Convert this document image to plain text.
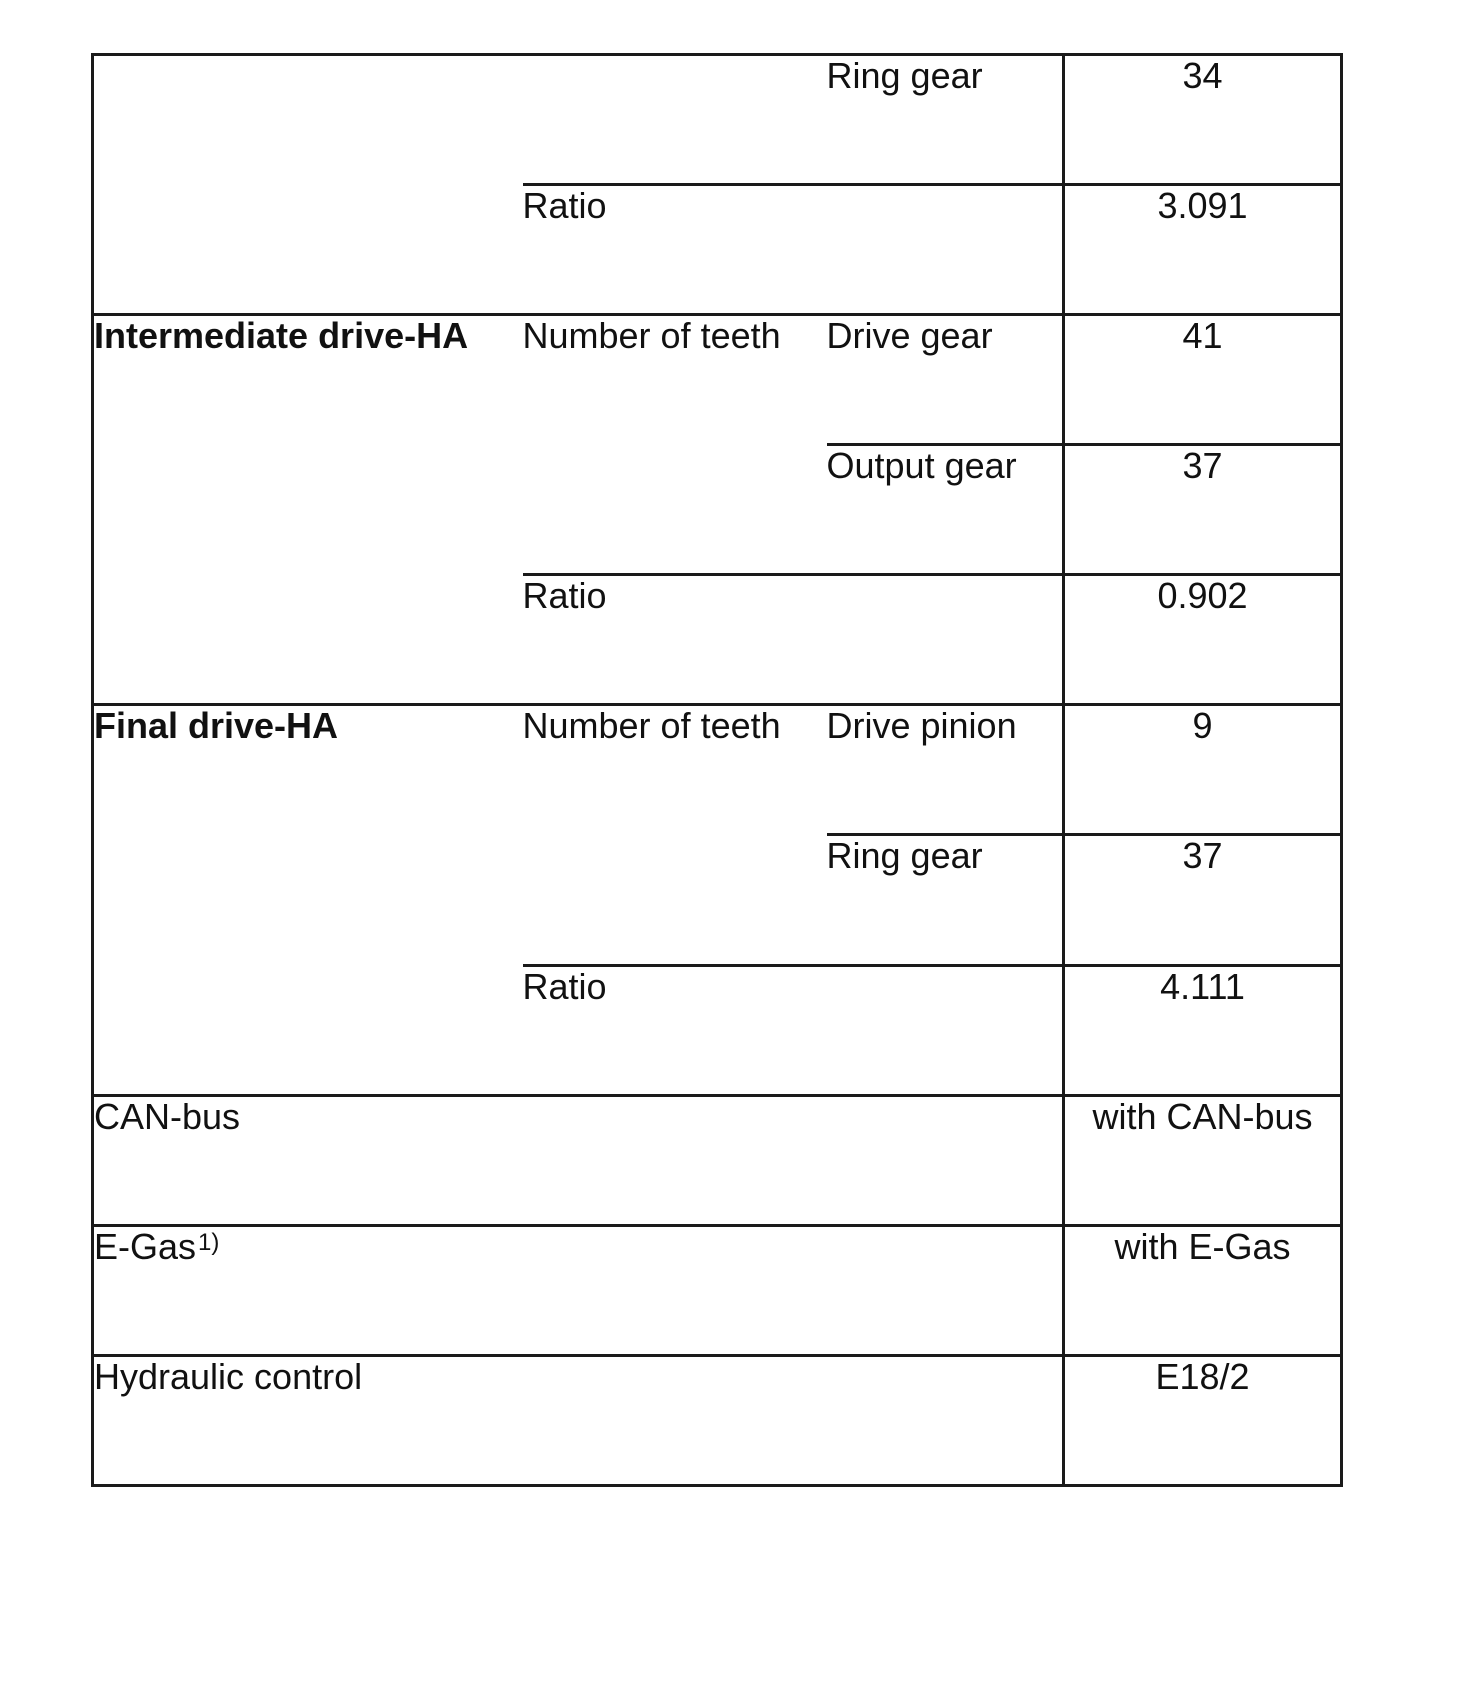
		Ring gear	34
	Ratio		3.091
Intermediate drive-HA	Number of teeth	Drive gear	41
		Output gear	37
	Ratio		0.902
Final drive-HA	Number of teeth	Drive pinion	9
		Ring gear	37
	Ratio		4.111
CAN-bus			with CAN-bus
E-Gas$^{1)}$			with E-Gas
Hydraulic control			E18/2
